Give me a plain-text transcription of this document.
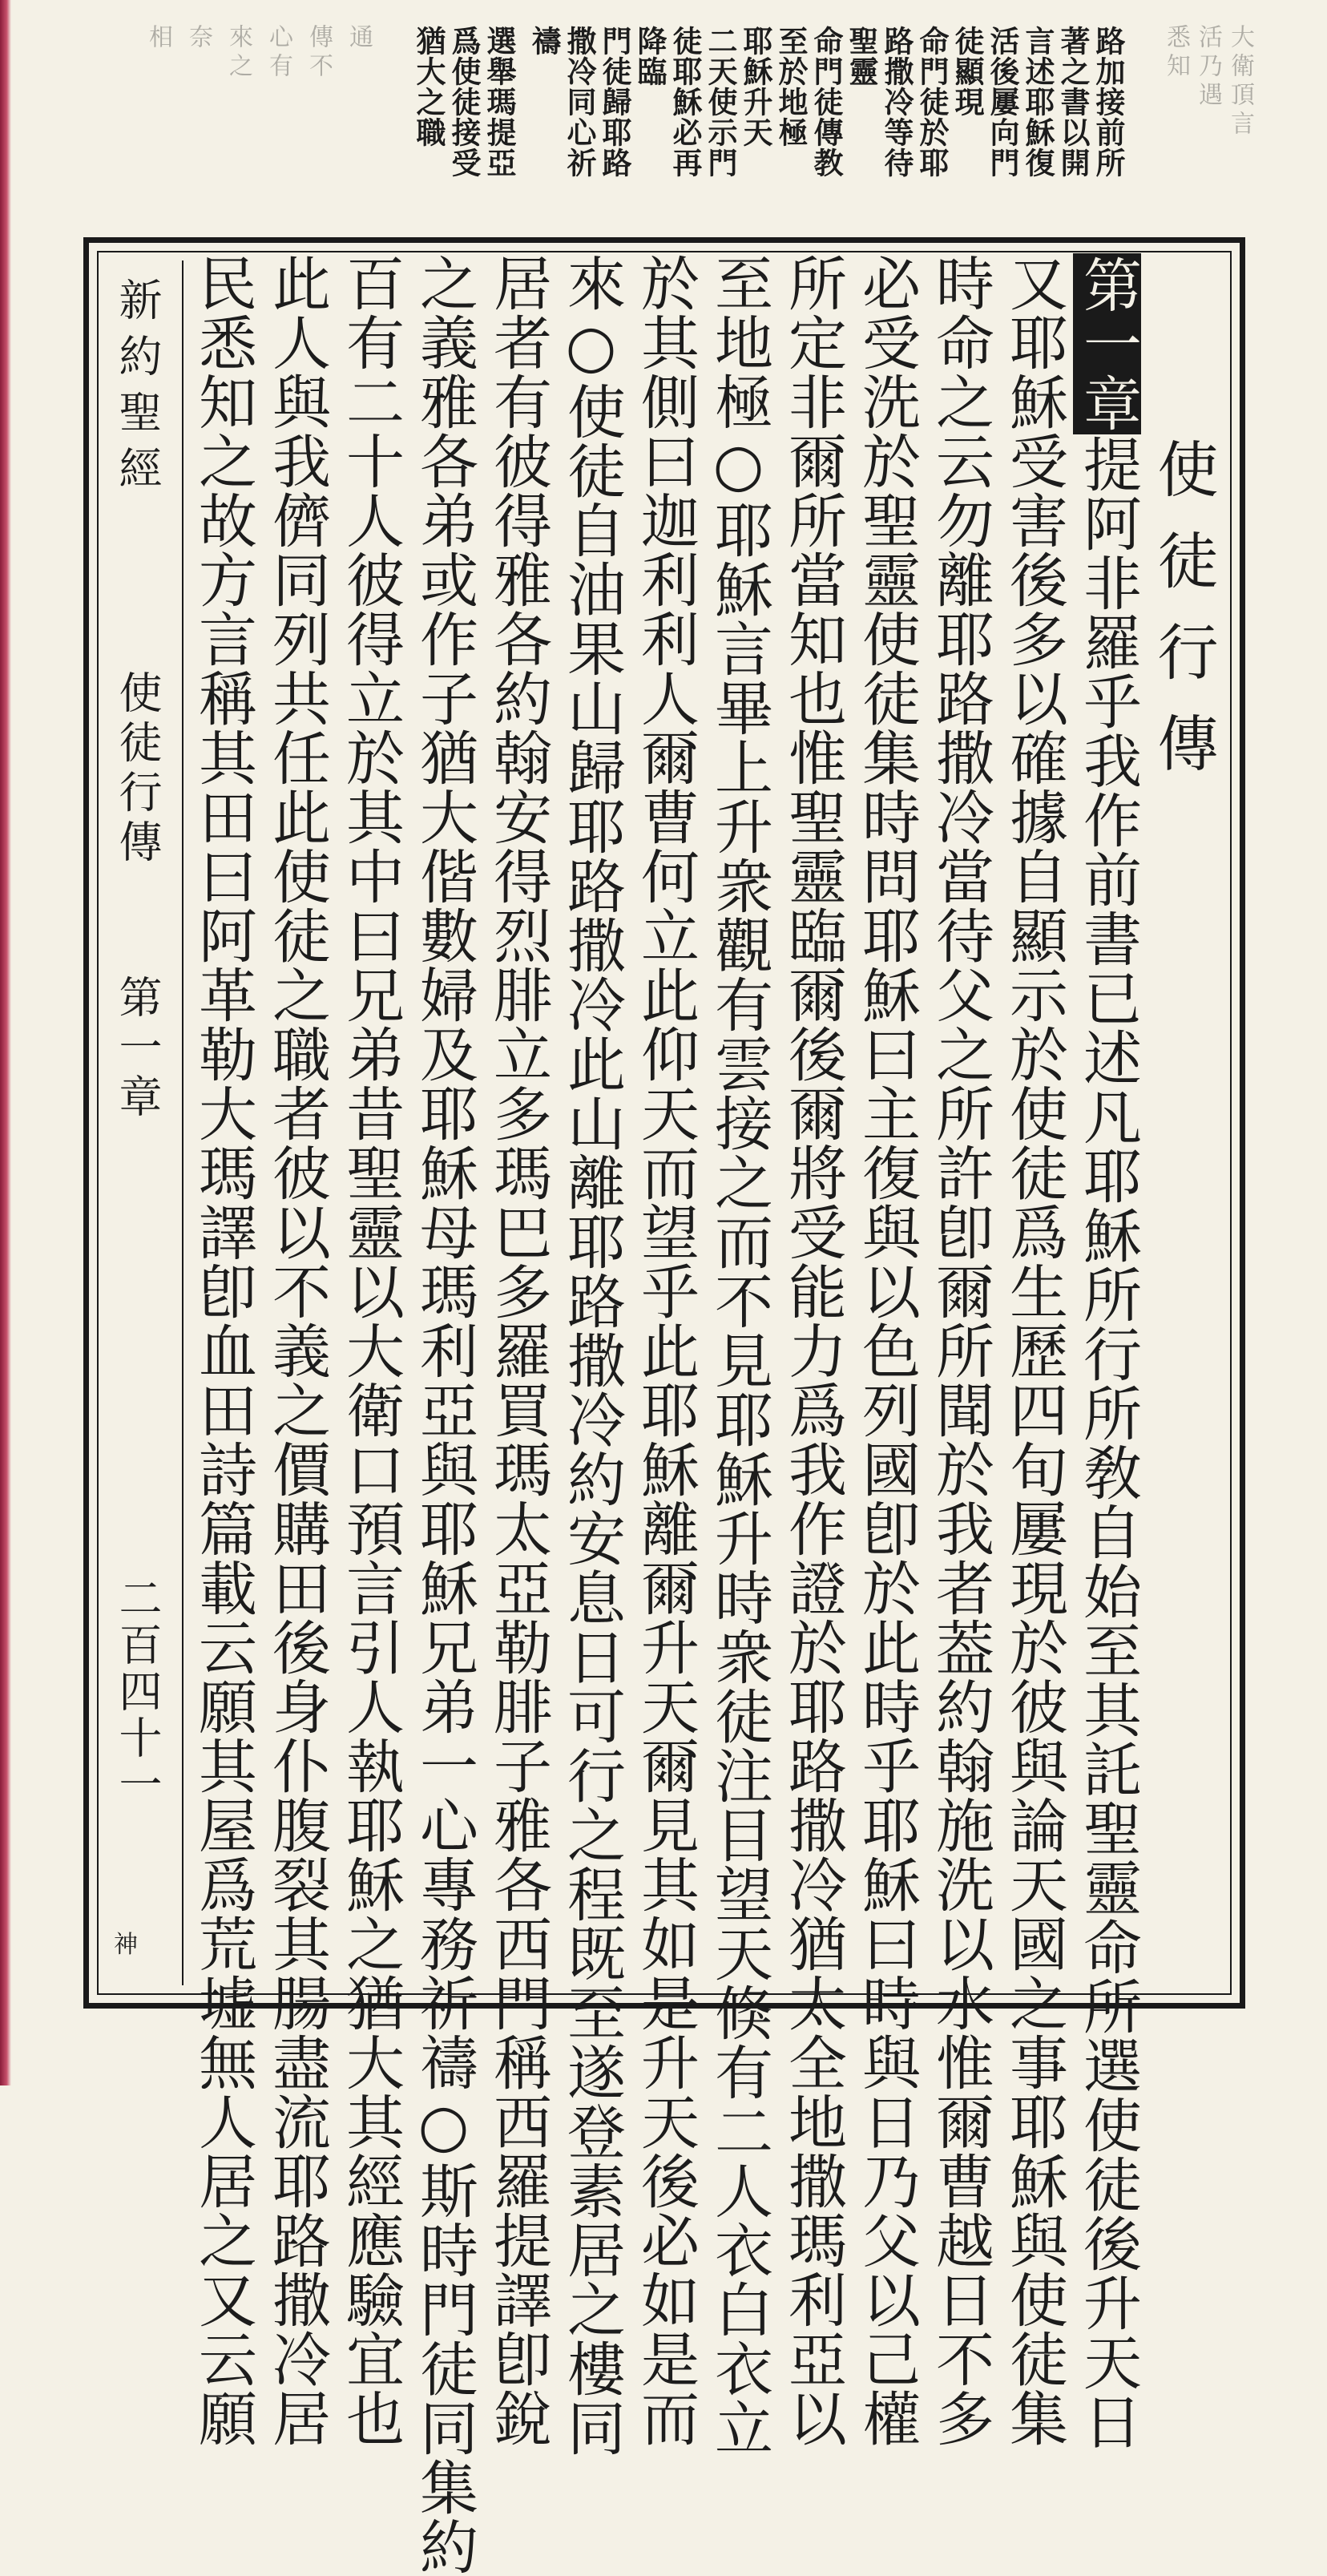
大衛頂言
活乃遇
悉知
通
傳不
心有
來之
奈
相	路加接前所
著之書以開
言述耶穌復
活後屢向門
徒顯現
命門徒於耶
路撒冷等待
聖靈
命門徒傳教
至於地極
耶穌升天
二天使示門
徒耶穌必再
降臨
門徒歸耶路
撒冷同心祈
禱
選舉瑪提亞
爲使徒接受
猶大之職
新約聖經
使徒行傳
第一章
二百四十一
神
使徒行傳
第一章提阿非羅乎我作前書已述凡耶穌所行所敎自始至其託聖靈命所選使徒後升天日
又耶穌受害後多以確據自顯示於使徒爲生歷四旬屢現於彼與論天國之事耶穌與使徒集
時命之云勿離耶路撒冷當待父之所許卽爾所聞於我者葢約翰施洗以水惟爾曹越日不多
必受洗於聖靈使徒集時問耶穌曰主復與以色列國卽於此時乎耶穌曰時與日乃父以己權
所定非爾所當知也惟聖靈臨爾後爾將受能力爲我作證於耶路撒冷猶太全地撒瑪利亞以
至地極○耶穌言畢上升衆觀有雲接之而不見耶穌升時衆徒注目望天倏有二人衣白衣立
於其側曰迦利利人爾曹何立此仰天而望乎此耶穌離爾升天爾見其如是升天後必如是而
來○使徒自油果山歸耶路撒冷此山離耶路撒冷約安息日可行之程既至遂登素居之樓同
居者有彼得雅各約翰安得烈腓立多瑪巴多羅買瑪太亞勒腓子雅各西門稱西羅提譯卽銳
之義雅各弟或作子猶大偕數婦及耶穌母瑪利亞與耶穌兄弟一心專務祈禱○斯時門徒同集約
百有二十人彼得立於其中曰兄弟昔聖靈以大衛口預言引人執耶穌之猶大其經應驗宜也
此人與我儕同列共任此使徒之職者彼以不義之價購田後身仆腹裂其腸盡流耶路撒冷居
民悉知之故方言稱其田曰阿革勒大瑪譯卽血田詩篇載云願其屋爲荒墟無人居之又云願
